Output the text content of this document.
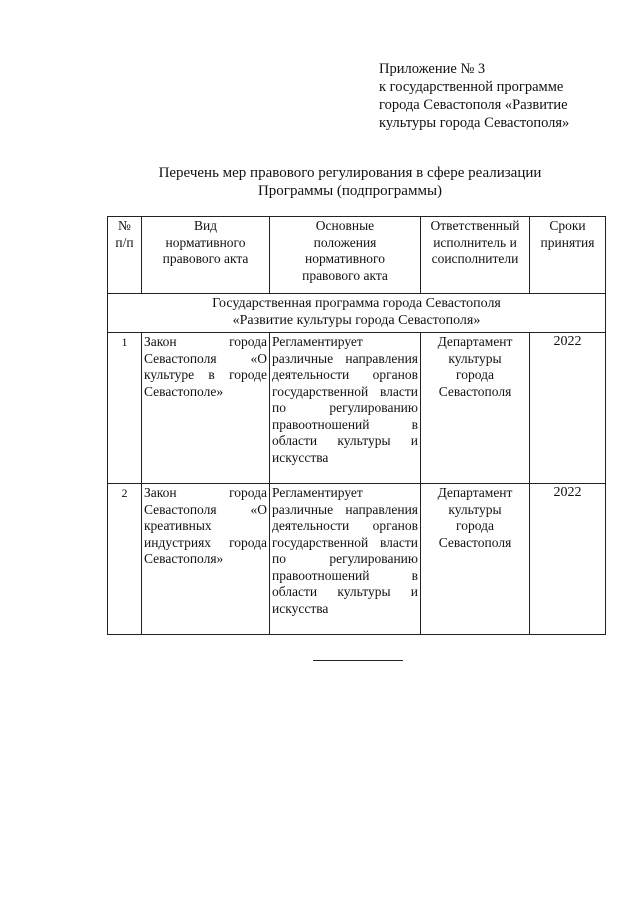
Приложение № 3
к государственной программе
города Севастополя «Развитие
культуры города Севастополя»
Перечень мер правового регулирования в сфере реализации
Программы (подпрограммы)
№
п/п	Вид
нормативного
правового акта	Основные
положения
нормативного
правового акта	Ответственный
исполнитель и
соисполнители	Сроки
принятия

Государственная программа города Севастополя
«Развитие культуры города Севастополя»				

1	Закон города Севастополя «О культуре в городе Севастополе»	Регламентирует различные направления деятельности органов государственной власти по регулированию правоотношений в области культуры и искусства	Департамент
культуры
города
Севастополя	2022
2	Закон города Севастополя «О креативных индустриях города Севастополя»	Регламентирует различные направления деятельности органов государственной власти по регулированию правоотношений в области культуры и искусства	Департамент
культуры
города
Севастополя	2022
